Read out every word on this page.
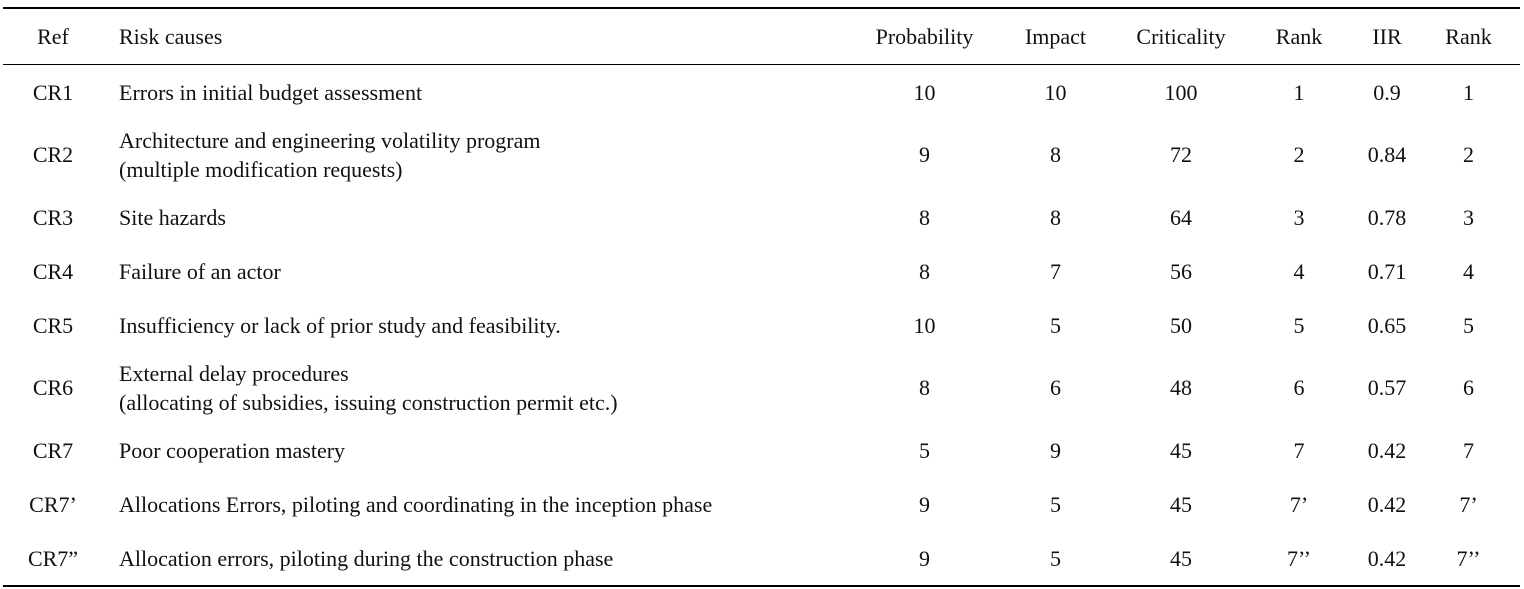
Ref	Risk causes	Probability	Impact	Criticality	Rank	IIR	Rank
CR1	Errors in initial budget assessment	10	10	100	1	0.9	1
CR2	Architecture and engineering volatility program
(multiple modification requests)	9	8	72	2	0.84	2
CR3	Site hazards	8	8	64	3	0.78	3
CR4	Failure of an actor	8	7	56	4	0.71	4
CR5	Insufficiency or lack of prior study and feasibility.	10	5	50	5	0.65	5
CR6	External delay procedures
(allocating of subsidies, issuing construction permit etc.)	8	6	48	6	0.57	6
CR7	Poor cooperation mastery	5	9	45	7	0.42	7
CR7’	Allocations Errors, piloting and coordinating in the inception phase	9	5	45	7’	0.42	7’
CR7”	Allocation errors, piloting during the construction phase	9	5	45	7’’	0.42	7’’
